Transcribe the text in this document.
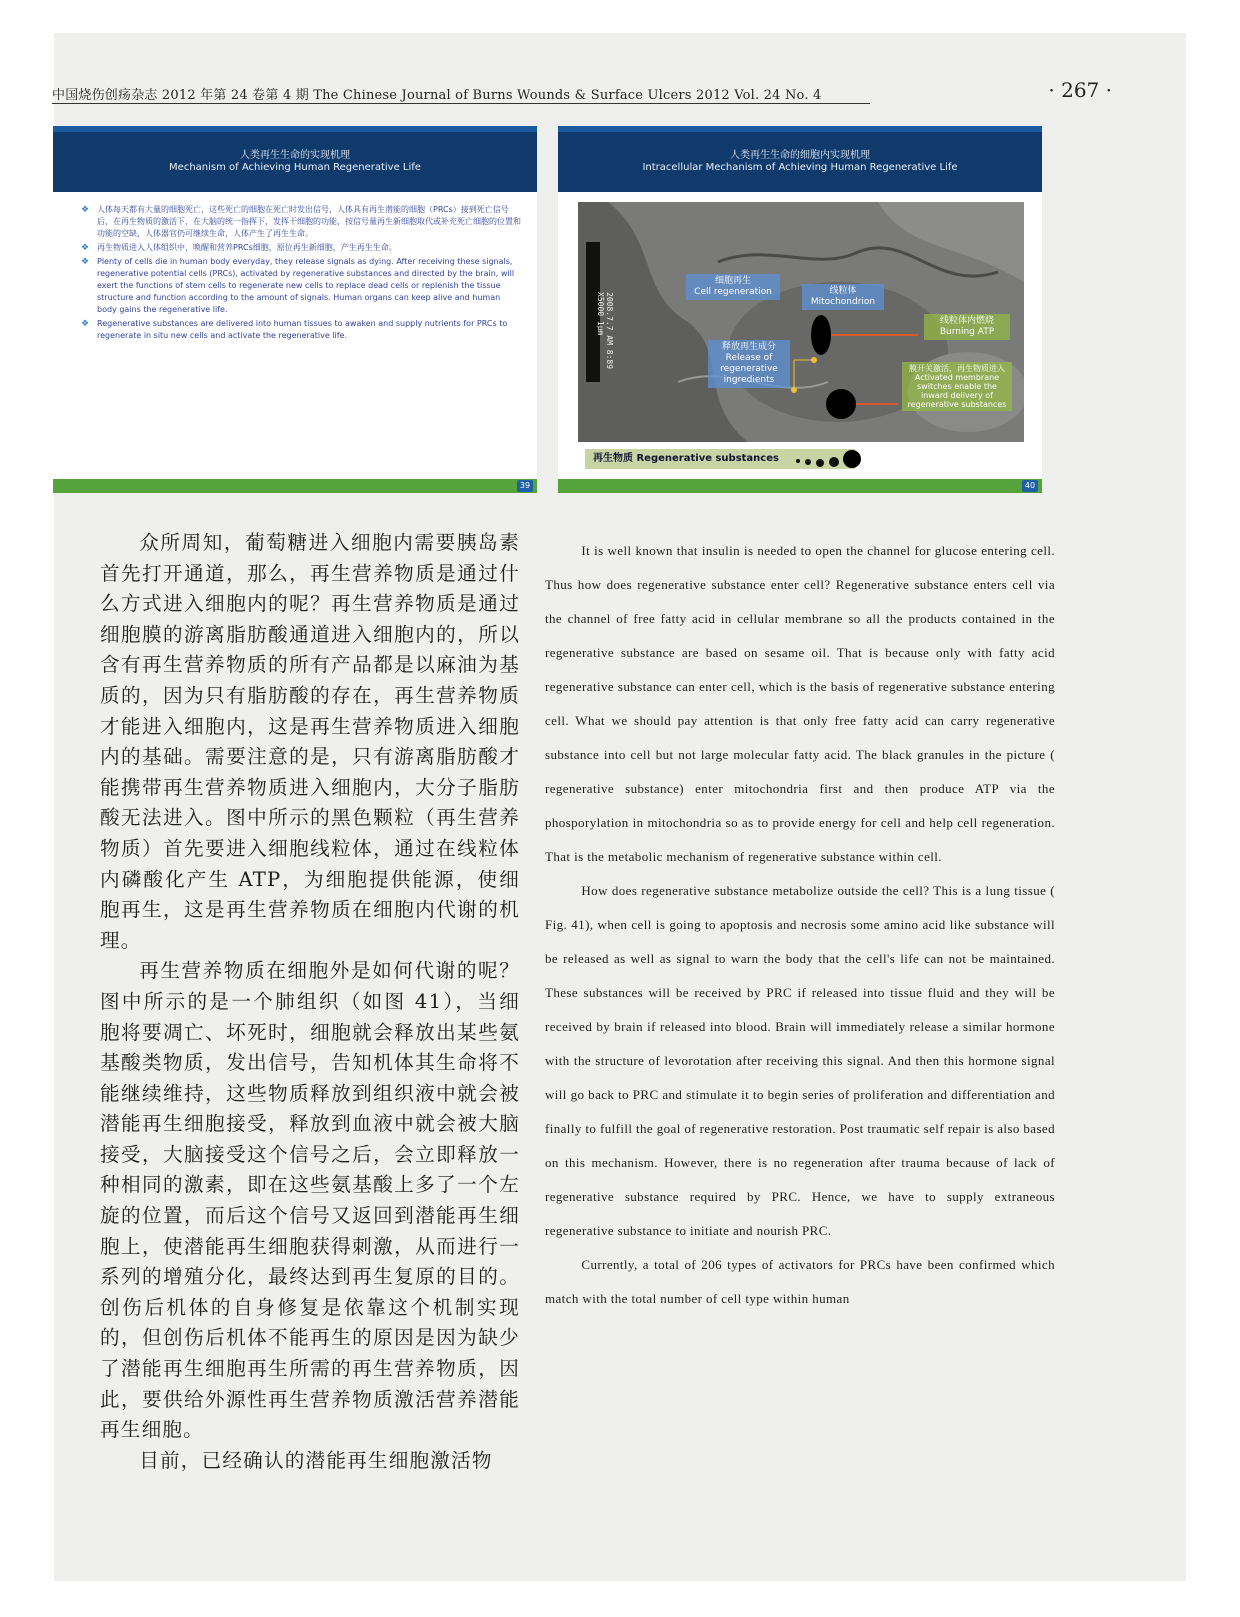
中国烧伤创疡杂志 2012 年第 24 卷第 4 期 The Chinese Journal of Burns Wounds & Surface Ulcers 2012 Vol. 24 No. 4	· 267 ·
人类再生生命的实现机理
Mechanism of Achieving Human Regenerative Life
❖ 人体每天都有大量的细胞死亡，这些死亡的细胞在死亡时发出信号，人体具有再生潜能的细胞（PRCs）接到死亡信号后，在再生物质的激活下，在大脑的统一指挥下，发挥干细胞的功能，按信号量再生新细胞取代或补充死亡细胞的位置和功能的空缺，人体器官仍可继续生命，人体产生了再生生命。
❖ 再生物质进入人体组织中，唤醒和营养PRCs细胞，原位再生新细胞，产生再生生命。
❖ Plenty of cells die in human body everyday, they release signals as dying. After receiving these signals, regenerative potential cells (PRCs), activated by regenerative substances and directed by the brain, will exert the functions of stem cells to regenerate new cells to replace dead cells or replenish the tissue structure and function according to the amount of signals. Human organs can keep alive and human body gains the regenerative life.
❖ Regenerative substances are delivered into human tissues to awaken and supply nutrients for PRCs to regenerate in situ new cells and activate the regenerative life.
39
人类再生生命的细胞内实现机理
Intracellular Mechanism of Achieving Human Regenerative Life
2008.7.7 AM 8:89 X5000 1μm
细胞再生
Cell regeneration	线粒体
Mitochondrion
线粒体内燃烧
Burning ATP
释放再生成分
Release of regenerative ingredients
膜开关激活，再生物质进入
Activated membrane switches enable the inward delivery of regenerative substances
再生物质 Regenerative substances
40

众所周知，葡萄糖进入细胞内需要胰岛素首先打开通道，那么，再生营养物质是通过什么方式进入细胞内的呢？再生营养物质是通过细胞膜的游离脂肪酸通道进入细胞内的，所以含有再生营养物质的所有产品都是以麻油为基质的，因为只有脂肪酸的存在，再生营养物质才能进入细胞内，这是再生营养物质进入细胞内的基础。需要注意的是，只有游离脂肪酸才能携带再生营养物质进入细胞内，大分子脂肪酸无法进入。图中所示的黑色颗粒（再生营养物质）首先要进入细胞线粒体，通过在线粒体内磷酸化产生 ATP，为细胞提供能源，使细胞再生，这是再生营养物质在细胞内代谢的机理。

再生营养物质在细胞外是如何代谢的呢？图中所示的是一个肺组织（如图 41），当细胞将要凋亡、坏死时，细胞就会释放出某些氨基酸类物质，发出信号，告知机体其生命将不能继续维持，这些物质释放到组织液中就会被潜能再生细胞接受，释放到血液中就会被大脑接受，大脑接受这个信号之后，会立即释放一种相同的激素，即在这些氨基酸上多了一个左旋的位置，而后这个信号又返回到潜能再生细胞上，使潜能再生细胞获得刺激，从而进行一系列的增殖分化，最终达到再生复原的目的。创伤后机体的自身修复是依靠这个机制实现的，但创伤后机体不能再生的原因是因为缺少了潜能再生细胞再生所需的再生营养物质，因此，要供给外源性再生营养物质激活营养潜能再生细胞。

目前，已经确认的潜能再生细胞激活物

It is well known that insulin is needed to open the channel for glucose entering cell. Thus how does regenerative substance enter cell? Regenerative substance enters cell via the channel of free fatty acid in cellular membrane so all the products contained in the regenerative substance are based on sesame oil. That is because only with fatty acid regenerative substance can enter cell, which is the basis of regenerative substance entering cell. What we should pay attention is that only free fatty acid can carry regenerative substance into cell but not large molecular fatty acid. The black granules in the picture ( regenerative substance) enter mitochondria first and then produce ATP via the phosporylation in mitochondria so as to provide energy for cell and help cell regeneration. That is the metabolic mechanism of regenerative substance within cell.

How does regenerative substance metabolize outside the cell? This is a lung tissue ( Fig. 41), when cell is going to apoptosis and necrosis some amino acid like substance will be released as well as signal to warn the body that the cell's life can not be maintained. These substances will be received by PRC if released into tissue fluid and they will be received by brain if released into blood. Brain will immediately release a similar hormone with the structure of levorotation after receiving this signal. And then this hormone signal will go back to PRC and stimulate it to begin series of proliferation and differentiation and finally to fulfill the goal of regenerative restoration. Post traumatic self repair is also based on this mechanism. However, there is no regeneration after trauma because of lack of regenerative substance required by PRC. Hence, we have to supply extraneous regenerative substance to initiate and nourish PRC.

Currently, a total of 206 types of activators for PRCs have been confirmed which match with the total number of cell type within human
